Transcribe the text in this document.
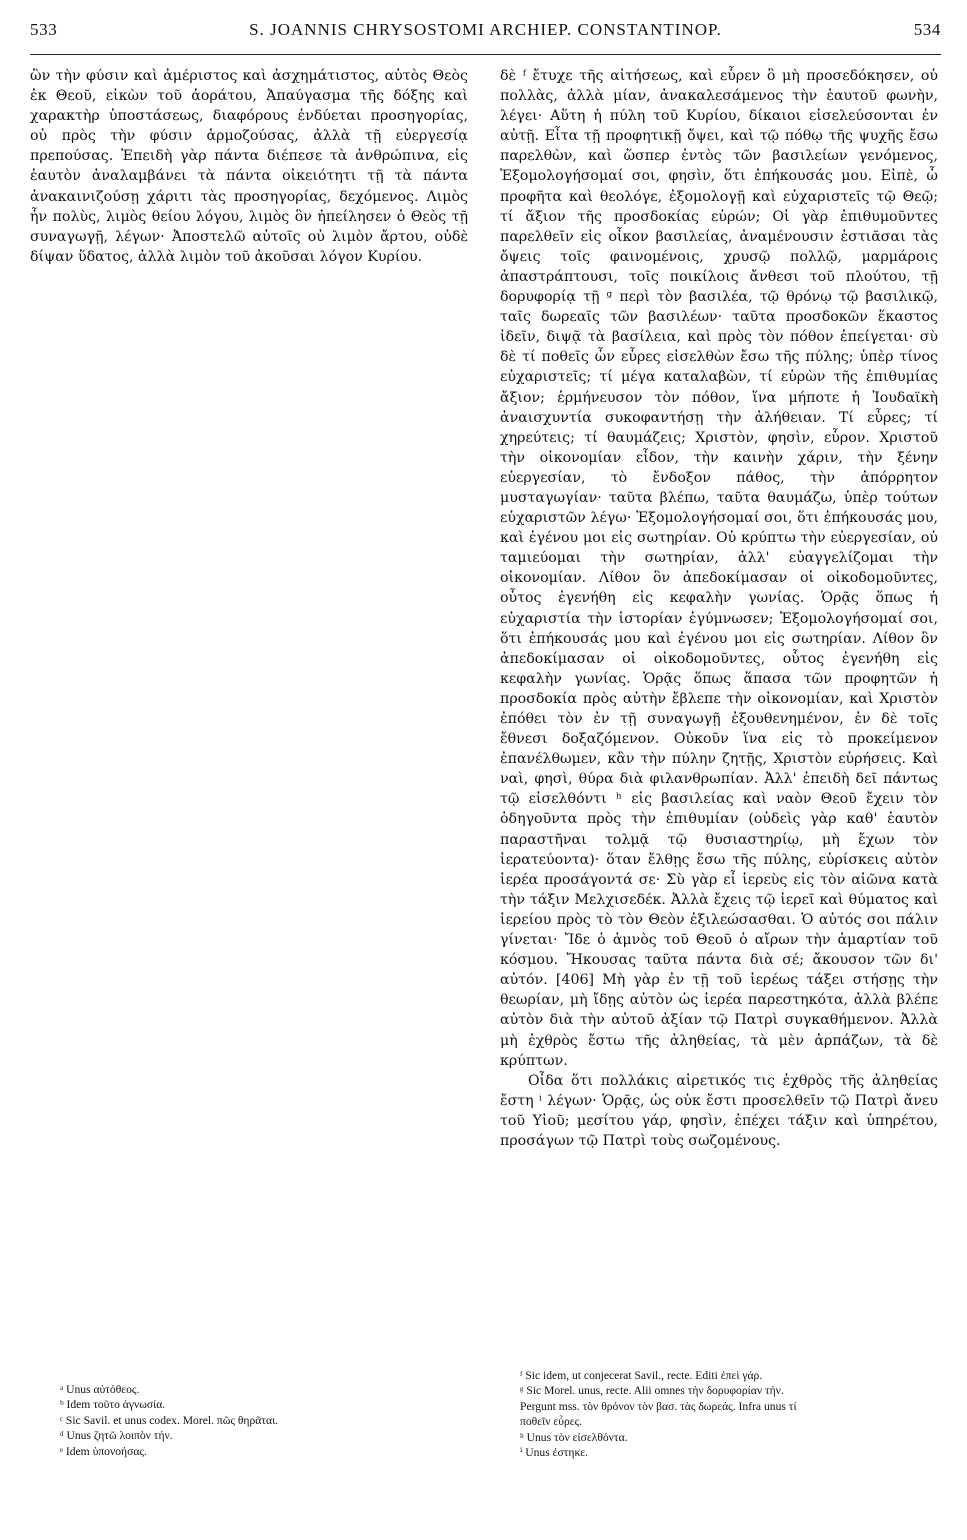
533	S. JOANNIS CHRYSOSTOMI ARCHIEP. CONSTANTINOP.	534

ὢν τὴν φύσιν καὶ ἀμέριστος καὶ ἀσχημάτιστος, αὐτὸς Θεὸς ἐκ Θεοῦ, εἰκὼν τοῦ ἀοράτου, Ἀπαύγασμα τῆς δόξης καὶ χαρακτὴρ ὑποστάσεως, διαφόρους ἐνδύεται προσηγορίας, οὐ πρὸς τὴν φύσιν ἁρμοζούσας, ἀλλὰ τῇ εὐεργεσίᾳ πρεπούσας. Ἐπειδὴ γὰρ πάντα διέπεσε τὰ ἀνθρώπινα, εἰς ἑαυτὸν ἀναλαμβάνει τὰ πάντα οἰκειότητι τῇ τὰ πάντα ἀνακαινιζούσῃ χάριτι τὰς προσηγορίας, δεχόμενος. Λιμὸς ἦν πολὺς, λιμὸς θείου λόγου, λιμὸς ὃν ἠπείλησεν ὁ Θεὸς τῇ συναγωγῇ, λέγων· Ἀποστελῶ αὐτοῖς οὐ λιμὸν ἄρτου, οὐδὲ δίψαν ὕδατος, ἀλλὰ λιμὸν τοῦ ἀκοῦσαι λόγον Κυρίου.

δὲ ᶠ ἔτυχε τῆς αἰτήσεως, καὶ εὗρεν ὃ μὴ προσεδόκησεν, οὐ πολλὰς, ἀλλὰ μίαν, ἀνακαλεσάμενος τὴν ἑαυτοῦ φωνὴν, λέγει· Αὕτη ἡ πύλη τοῦ Κυρίου, δίκαιοι εἰσελεύσονται ἐν αὐτῇ. Εἶτα τῇ προφητικῇ ὄψει, καὶ τῷ πόθῳ τῆς ψυχῆς ἔσω παρελθὼν, καὶ ὥσπερ ἐντὸς τῶν βασιλείων γενόμενος, Ἐξομολογήσομαί σοι, φησὶν, ὅτι ἐπήκουσάς μου. Εἰπὲ, ὦ προφῆτα καὶ θεολόγε, ἐξομολογῇ καὶ εὐχαριστεῖς τῷ Θεῷ; τί ἄξιον τῆς προσδοκίας εὑρών; Οἱ γὰρ ἐπιθυμοῦντες παρελθεῖν εἰς οἶκον βασιλείας, ἀναμένουσιν ἑστιᾶσαι τὰς ὄψεις τοῖς φαινομένοις, χρυσῷ πολλῷ, μαρμάροις ἀπαστράπτουσι, τοῖς ποικίλοις ἄνθεσι τοῦ πλούτου, τῇ δορυφορίᾳ τῇ ᵍ περὶ τὸν βασιλέα, τῷ θρόνῳ τῷ βασιλικῷ, ταῖς δωρεαῖς τῶν βασιλέων· ταῦτα προσδοκῶν ἕκαστος ἰδεῖν, διψᾷ τὰ βασίλεια, καὶ πρὸς τὸν πόθον ἐπείγεται· σὺ δὲ τί ποθεῖς ὧν εὗρες εἰσελθὼν ἔσω τῆς πύλης; ὑπὲρ τίνος εὐχαριστεῖς; τί μέγα καταλαβὼν, τί εὑρὼν τῆς ἐπιθυμίας ἄξιον; ἑρμήνευσον τὸν πόθον, ἵνα μήποτε ἡ Ἰουδαϊκὴ ἀναισχυντία συκοφαντήσῃ τὴν ἀλήθειαν. Τί εὗρες; τί χηρεύτεις; τί θαυμάζεις; Χριστὸν, φησὶν, εὗρον. Χριστοῦ τὴν οἰκονομίαν εἶδον, τὴν καινὴν χάριν, τὴν ξένην εὐεργεσίαν, τὸ ἔνδοξον πάθος, τὴν ἀπόρρητον μυσταγωγίαν· ταῦτα βλέπω, ταῦτα θαυμάζω, ὑπὲρ τούτων εὐχαριστῶν λέγω· Ἐξομολογήσομαί σοι, ὅτι ἐπήκουσάς μου, καὶ ἐγένου μοι εἰς σωτηρίαν. Οὐ κρύπτω τὴν εὐεργεσίαν, οὐ ταμιεύομαι τὴν σωτηρίαν, ἀλλ' εὐαγγελίζομαι τὴν οἰκονομίαν. Λίθον ὃν ἀπεδοκίμασαν οἱ οἰκοδομοῦντες, οὗτος ἐγενήθη εἰς κεφαλὴν γωνίας. Ὁρᾷς ὅπως ἡ εὐχαριστία τὴν ἱστορίαν ἐγύμνωσεν; Ἐξομολογήσομαί σοι, ὅτι ἐπήκουσάς μου καὶ ἐγένου μοι εἰς σωτηρίαν. Λίθον ὃν ἀπεδοκίμασαν οἱ οἰκοδομοῦντες, οὗτος ἐγενήθη εἰς κεφαλὴν γωνίας. Ὁρᾷς ὅπως ἅπασα τῶν προφητῶν ἡ προσδοκία πρὸς αὐτὴν ἔβλεπε τὴν οἰκονομίαν, καὶ Χριστὸν ἐπόθει τὸν ἐν τῇ συναγωγῇ ἐξουθενημένον, ἐν δὲ τοῖς ἔθνεσι δοξαζόμενον. Οὐκοῦν ἵνα εἰς τὸ προκείμενον ἐπανέλθωμεν, κἂν τὴν πύλην ζητῇς, Χριστὸν εὑρήσεις. Καὶ ναὶ, φησὶ, θύρα διὰ φιλανθρωπίαν. Ἀλλ' ἐπειδὴ δεῖ πάντως τῷ εἰσελθόντι ʰ εἰς βασιλείας καὶ ναὸν Θεοῦ ἔχειν τὸν ὁδηγοῦντα πρὸς τὴν ἐπιθυμίαν (οὐδεὶς γὰρ καθ' ἑαυτὸν παραστῆναι τολμᾷ τῷ θυσιαστηρίῳ, μὴ ἔχων τὸν ἱερατεύοντα)· ὅταν ἔλθῃς ἔσω τῆς πύλης, εὑρίσκεις αὐτὸν ἱερέα προσάγοντά σε· Σὺ γὰρ εἶ ἱερεὺς εἰς τὸν αἰῶνα κατὰ τὴν τάξιν Μελχισεδέκ. Ἀλλὰ ἔχεις τῷ ἱερεῖ καὶ θύματος καὶ ἱερείου πρὸς τὸ τὸν Θεὸν ἐξιλεώσασθαι. Ὁ αὐτός σοι πάλιν γίνεται· Ἴδε ὁ ἀμνὸς τοῦ Θεοῦ ὁ αἴρων τὴν ἁμαρτίαν τοῦ κόσμου. Ἤκουσας ταῦτα πάντα διὰ σέ; ἄκουσον τῶν δι' αὐτόν. [406] Μὴ γὰρ ἐν τῇ τοῦ ἱερέως τάξει στήσῃς τὴν θεωρίαν, μὴ ἴδῃς αὐτὸν ὡς ἱερέα παρεστηκότα, ἀλλὰ βλέπε αὐτὸν διὰ τὴν αὐτοῦ ἀξίαν τῷ Πατρὶ συγκαθήμενον. Ἀλλὰ μὴ ἐχθρὸς ἔστω τῆς ἀληθείας, τὰ μὲν ἁρπάζων, τὰ δὲ κρύπτων.

Οἶδα ὅτι πολλάκις αἱρετικός τις ἐχθρὸς τῆς ἀληθείας ἔστη ⁱ λέγων· Ὁρᾷς, ὡς οὐκ ἔστι προσελθεῖν τῷ Πατρὶ ἄνευ τοῦ Υἱοῦ; μεσίτου γάρ, φησὶν, ἐπέχει τάξιν καὶ ὑπηρέτου, προσάγων τῷ Πατρὶ τοὺς σωζομένους.

ᵃ Unus αὐτόθεος.
ᵇ Idem τοῦτο ἀγνωσία.
ᶜ Sic Savil. et unus codex. Morel. πῶς θηρᾶται.
ᵈ Unus ζητῶ λοιπὸν τήν.
ᵉ Idem ὑπονοήσας.
ᶠ Sic idem, ut conjecerat Savil., recte. Editi ἐπεὶ γάρ.
ᵍ Sic Morel. unus, recte. Alii omnes τὴν δορυφορίαν τήν.
Pergunt mss. τὸν θρόνον τὸν βασ. τὰς δωρεάς. Infra unus τί
ποθεῖν εὗρες.
ʰ Unus τὸν εἰσελθόντα.
ⁱ Unus ἐστηκε.
